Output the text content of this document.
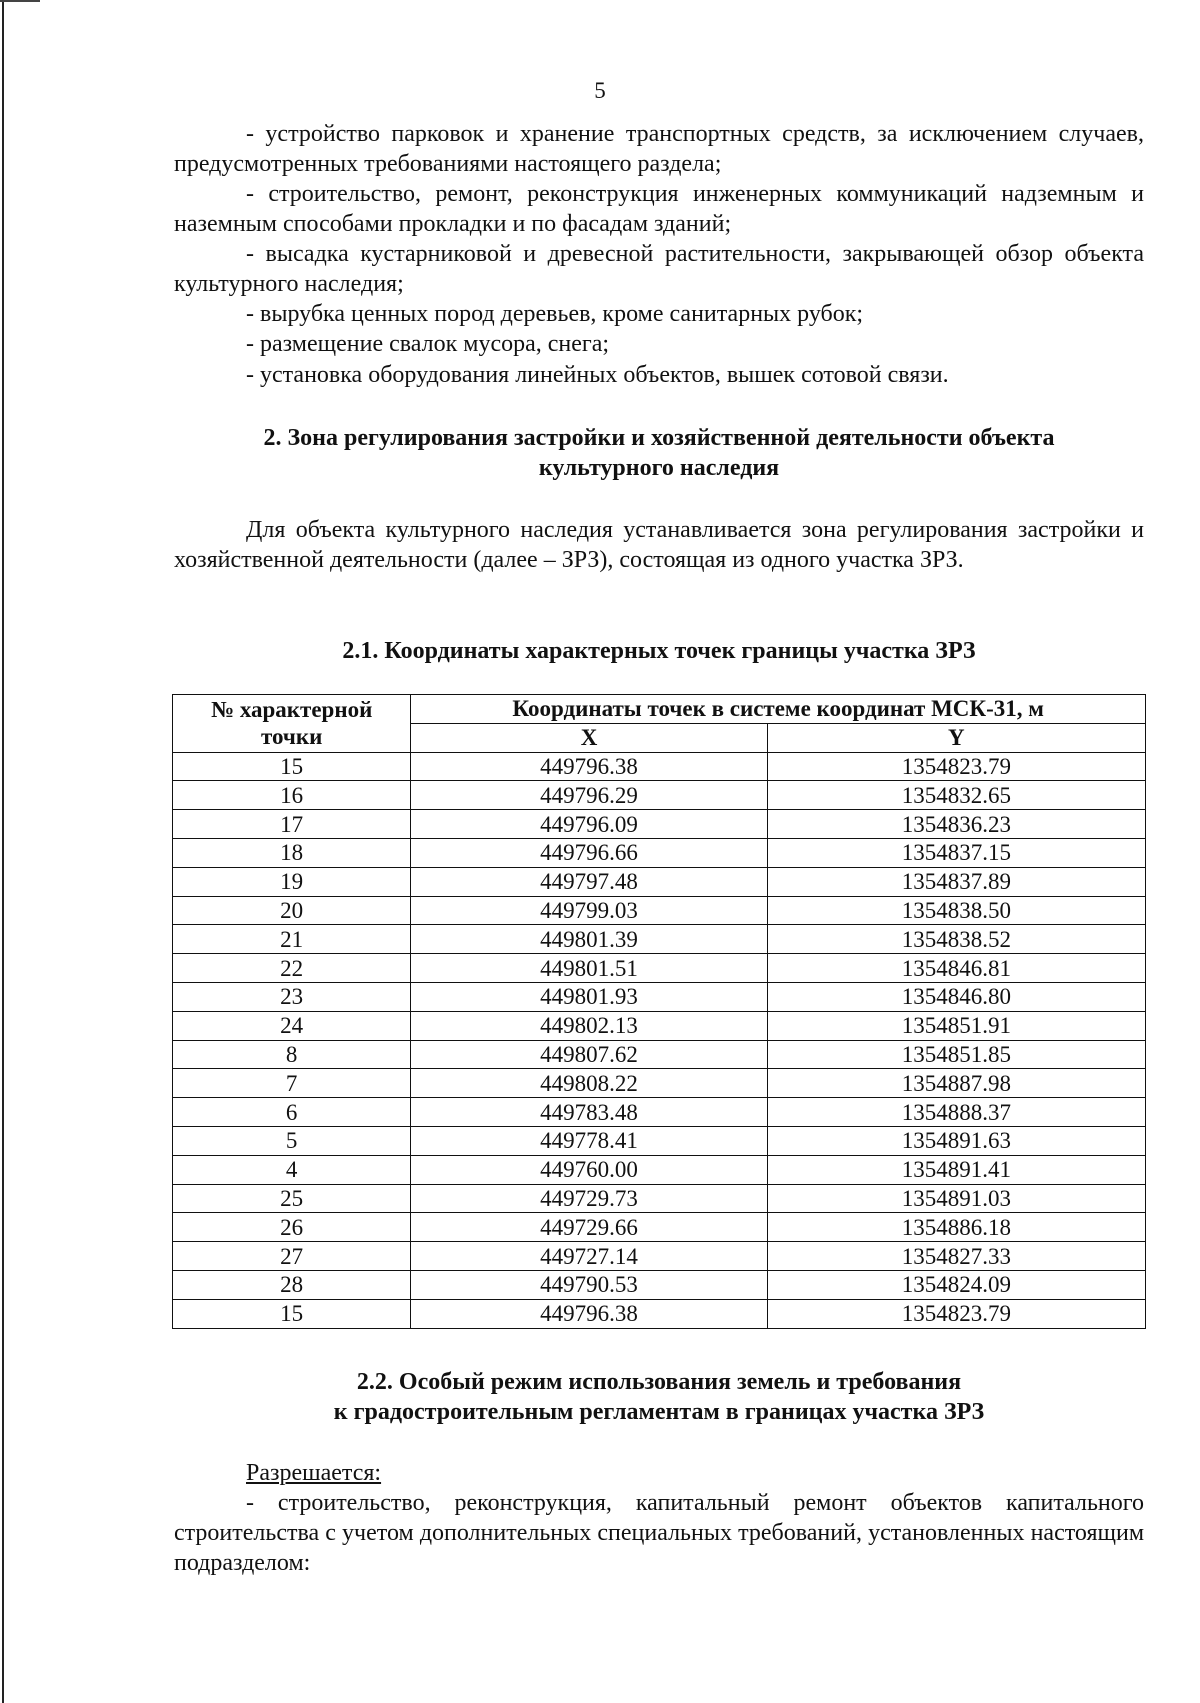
5
- устройство парковок и хранение транспортных средств, за исключением случаев, предусмотренных требованиями настоящего раздела;
- строительство, ремонт, реконструкция инженерных коммуникаций надземным и наземным способами прокладки и по фасадам зданий;
- высадка кустарниковой и древесной растительности, закрывающей обзор объекта культурного наследия;
- вырубка ценных пород деревьев, кроме санитарных рубок;
- размещение свалок мусора, снега;
- установка оборудования линейных объектов, вышек сотовой связи.
2. Зона регулирования застройки и хозяйственной деятельности объекта
культурного наследия
Для объекта культурного наследия устанавливается зона регулирования застройки и хозяйственной деятельности (далее – ЗРЗ), состоящая из одного участка ЗРЗ.
2.1. Координаты характерных точек границы участка ЗРЗ
№ характерной
точки	Координаты точек в системе координат МСК-31, м	
	X	Y
15	449796.38	1354823.79
16	449796.29	1354832.65
17	449796.09	1354836.23
18	449796.66	1354837.15
19	449797.48	1354837.89
20	449799.03	1354838.50
21	449801.39	1354838.52
22	449801.51	1354846.81
23	449801.93	1354846.80
24	449802.13	1354851.91
8	449807.62	1354851.85
7	449808.22	1354887.98
6	449783.48	1354888.37
5	449778.41	1354891.63
4	449760.00	1354891.41
25	449729.73	1354891.03
26	449729.66	1354886.18
27	449727.14	1354827.33
28	449790.53	1354824.09
15	449796.38	1354823.79
2.2. Особый режим использования земель и требования
к градостроительным регламентам в границах участка ЗРЗ
Разрешается:
- строительство, реконструкция, капитальный ремонт объектов капитального строительства с учетом дополнительных специальных требований, установленных настоящим подразделом:
